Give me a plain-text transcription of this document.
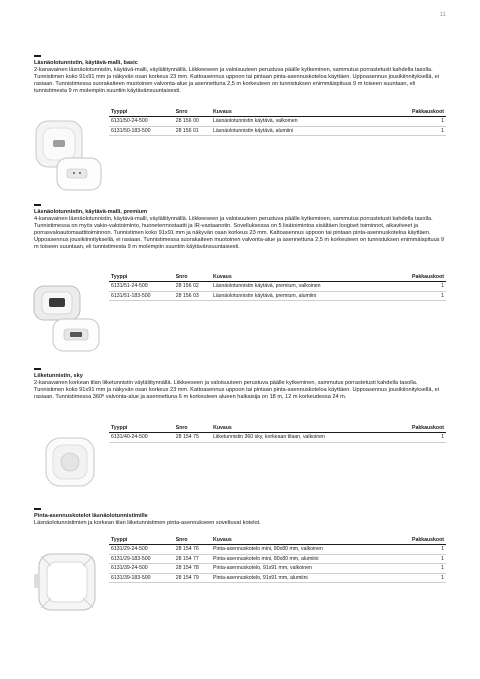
11
Läsnäolotunnistin, käytävä-malli, basic

2-kanavainen läsnäolotunnistin, käytävä-malli, väyläliitynnällä. Liikkeeseen ja valoisuuteen perustuva päälle kytkeminen, sammutus porrastetusti kahdella tasolla. Tunnistimen koko 91x91 mm ja näkyvän osan korkeus 23 mm. Kattoasennus uppoon tai pintaan pinta-asennuskoteloa käyttäen. Uppoasennus jousikiinnityksellä, ei rasiaan. Tunnistimessa suorakaiteen muotoinen valvonta-alue ja asennettuna 2,5 m korkeuteen on tunnistuksen enimmäispituus 9 m toiseen suuntaan, eli tunnistimesta 9 m molempiin suuntiin käytävänsuuntaisesti.

Tyyppi	Snro	Kuvaus	Pakkauskoot
6131/50-24-500	28 156 00	Läsnäolotunnistin käytävä, valkoinen	1
6131/50-183-500	28 156 01	Läsnäolotunnistin käytävä, alumiini	1
Läsnäolotunnistin, käytävä-malli, premium

4-kanavainen läsnäolotunnistin, käytävä-malli, väyläliitynnällä. Liikkeeseen ja valoisuuteen perustuva päälle kytkeminen, sammutus porrastetusti kahdella tasolla. Tunnistimessa on myös vakio-valotoiminto, huonetermostaatti ja IR-vastaanotin. Sovelluksessa on 5 lisätoimintoa sisältäen loogiset toiminnot, aikaviiveet ja porrasvaloautomaattitoiminnon. Tunnistimen koko 91x91 mm ja näkyvän osan korkeus 23 mm. Kattoasennus uppoon tai pintaan pinta-asennuskoteloa käyttäen. Uppoasennus jousikiinnityksellä, ei rasiaan. Tunnistimessa suorakaiteen muotoinen valvonta-alue ja asennettuna 2,5 m korkeuteen on tunnistuksen enimmäispituus 9 m toiseen suuntaan, eli tunnistimesta 9 m molempiin suuntiin käytävänsuuntaisesti.

Tyyppi	Snro	Kuvaus	Pakkauskoot
6131/51-24-500	28 156 02	Läsnäolotunnistin käytävä, premium, valkoinen	1
6131/51-183-500	28 156 03	Läsnäolotunnistin käytävä, premium, alumiini	1
Liiketunnistin, sky

2-kanavainen korkean tilan liiketunnistin väyläliitynnällä. Liikkeeseen ja valoisuuteen perustuva päälle kytkeminen, sammutus porrastetusti kahdella tasolla. Tunnistimen koko 91x91 mm ja näkyvän osan korkeus 23 mm. Kattoasennus uppoon tai pintaan pinta-asennuskoteloa käyttäen. Uppoasennus jousikiinnityksellä, ei rasiaan. Tunnistimessa 360º valvonta-alue ja asennettuna 6 m korkeuteen alueen halkaisija on 18 m, 12 m korkeudessa 24 m.

Tyyppi	Snro	Kuvaus	Pakkauskoot
6131/40-24-500	28 154 75	Liiketunnistin 360 sky, korkeaan tilaan, valkoinen	1
Pinta-asennuskotelot läsnäolotunnistimille

Läsnäolotunnistimien ja korkean tilan liiketunnistimen pinta-asennukseen soveltuvat kotelot.

Tyyppi	Snro	Kuvaus	Pakkauskoot
6131/29-24-500	28 154 76	Pinta-asennuskotelo mini, 80x80 mm, valkoinen	1
6131/29-183-500	28 154 77	Pinta-asennuskotelo mini, 80x80 mm, alumiini	1
6131/39-24-500	28 154 78	Pinta-asennuskotelo, 91x91 mm, valkoinen	1
6131/39-183-500	28 154 79	Pinta-asennuskotelo, 91x91 mm, alumiini	1
